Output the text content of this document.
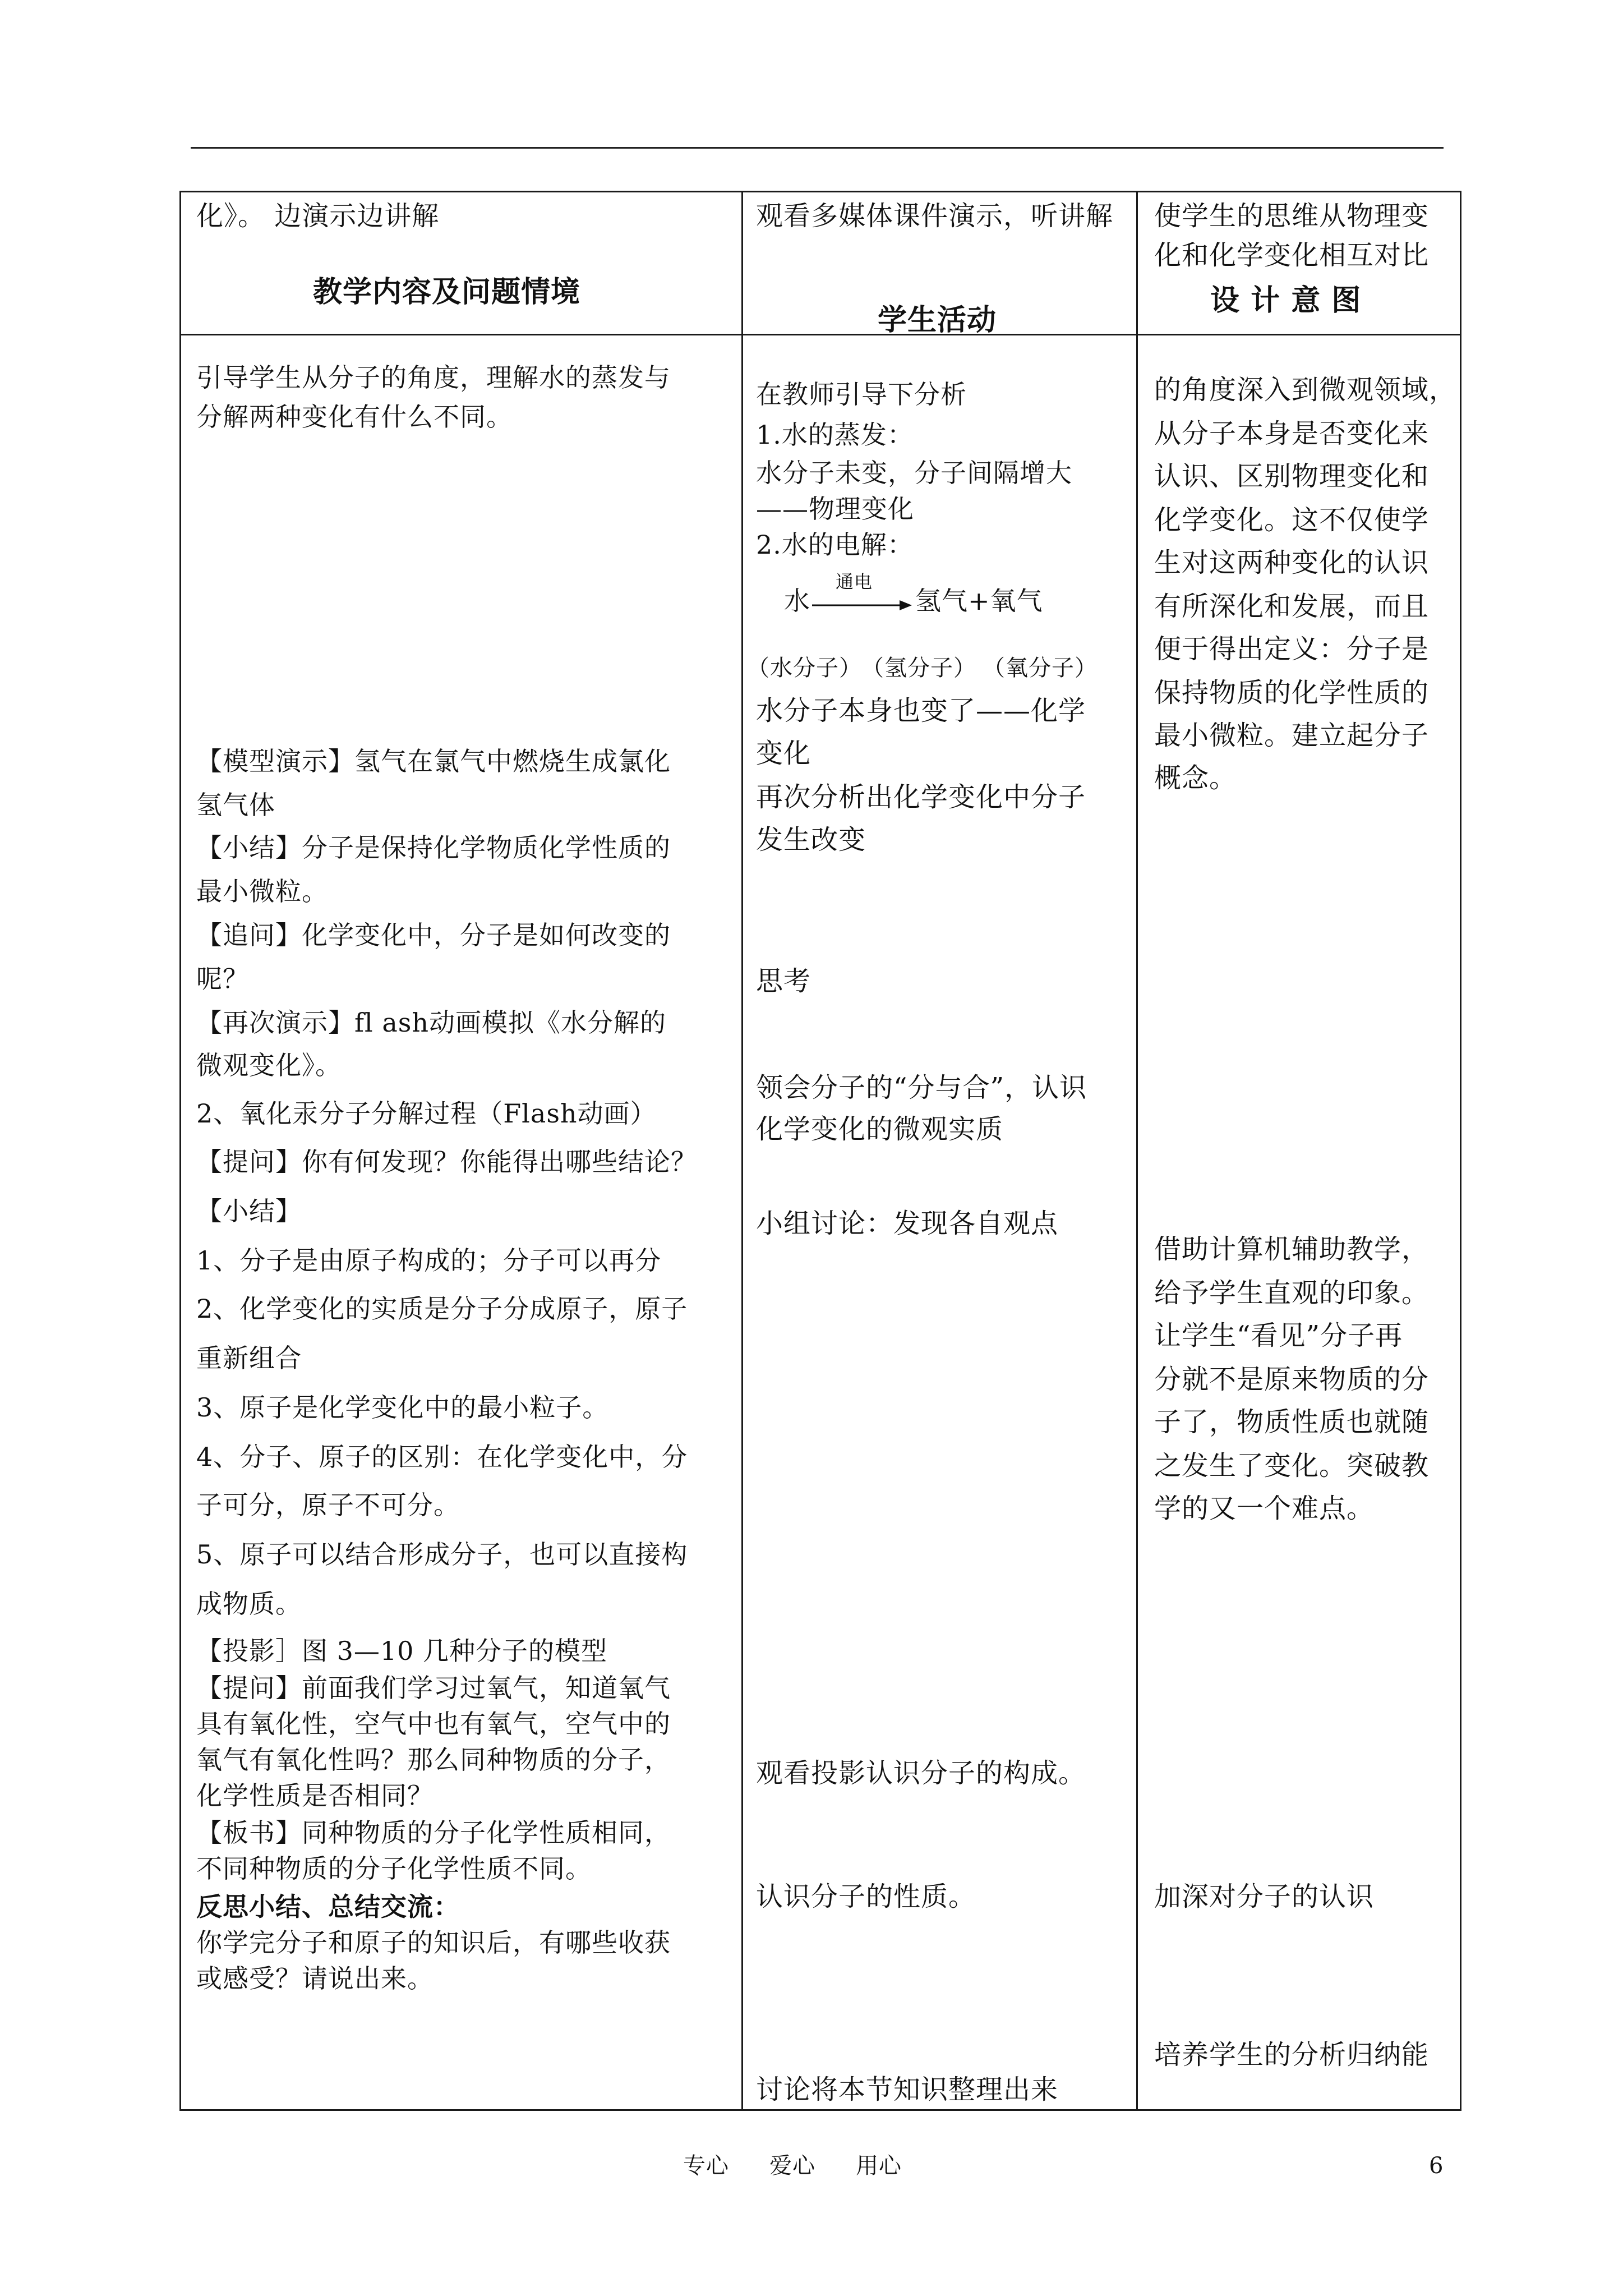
化》。 边演示边讲解
教学内容及问题情境
观看多媒体课件演示，听讲解
学生活动
使学生的思维从物理变
化和化学变化相互对比
设 计 意 图
引导学生从分子的角度，理解水的蒸发与
分解两种变化有什么不同。
【模型演示】氢气在氯气中燃烧生成氯化
氢气体
【小结】分子是保持化学物质化学性质的
最小微粒。
【追问】化学变化中，分子是如何改变的
呢？
【再次演示】fl ash动画模拟《水分解的
微观变化》。
2、氧化汞分子分解过程（Flash动画）
【提问】你有何发现？你能得出哪些结论？
【小结】
1、分子是由原子构成的；分子可以再分
2、化学变化的实质是分子分成原子，原子
重新组合
3、原子是化学变化中的最小粒子。
4、分子、原子的区别：在化学变化中，分
子可分，原子不可分。
5、原子可以结合形成分子，也可以直接构
成物质。
【投影］图 3—10 几种分子的模型
【提问】前面我们学习过氧气，知道氧气
具有氧化性，空气中也有氧气，空气中的
氧气有氧化性吗？那么同种物质的分子，
化学性质是否相同？
【板书】同种物质的分子化学性质相同，
不同种物质的分子化学性质不同。
反思小结、总结交流：
你学完分子和原子的知识后，有哪些收获
或感受？请说出来。
在教师引导下分析
1.水的蒸发：
水分子未变，分子间隔增大
——物理变化
2.水的电解：
水
通电
氢气+氧气
（水分子） （氢分子） （氧分子）
水分子本身也变了——化学
变化
再次分析出化学变化中分子
发生改变
思考
领会分子的“分与合”，认识
化学变化的微观实质
小组讨论：发现各自观点
观看投影认识分子的构成。
认识分子的性质。
讨论将本节知识整理出来
的角度深入到微观领域，
从分子本身是否变化来
认识、区别物理变化和
化学变化。这不仅使学
生对这两种变化的认识
有所深化和发展，而且
便于得出定义：分子是
保持物质的化学性质的
最小微粒。建立起分子
概念。
借助计算机辅助教学，
给予学生直观的印象。
让学生“看见”分子再
分就不是原来物质的分
子了，物质性质也就随
之发生了变化。突破教
学的又一个难点。
加深对分子的认识
培养学生的分析归纳能
专心 爱心 用心	6
